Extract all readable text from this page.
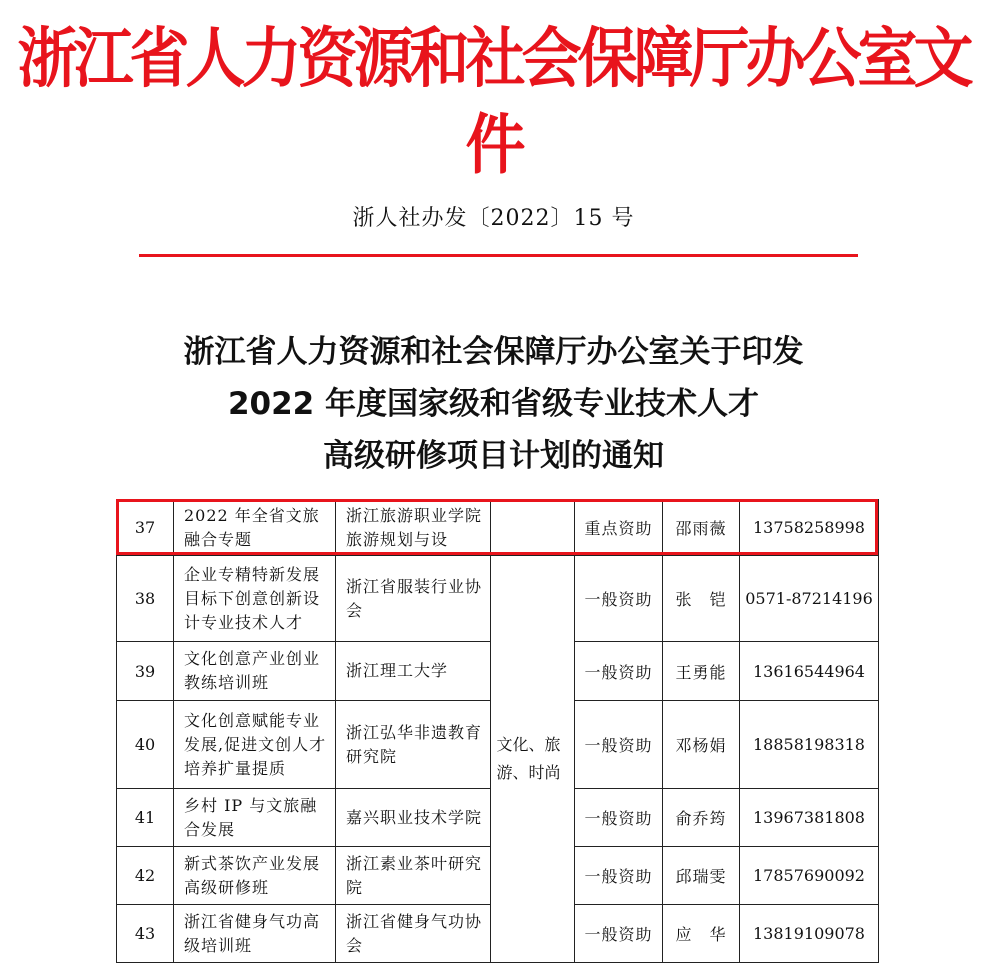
浙江省人力资源和社会保障厅办公室文件
浙人社办发〔2022〕15 号
浙江省人力资源和社会保障厅办公室关于印发
2022 年度国家级和省级专业技术人才
高级研修项目计划的通知
37	2022 年全省文旅融合专题	浙江旅游职业学院旅游规划与设		重点资助	邵雨薇	13758258998
38	企业专精特新发展目标下创意创新设计专业技术人才	浙江省服装行业协会	文化、旅游、时尚	一般资助	张　铠	0571-87214196
39	文化创意产业创业教练培训班	浙江理工大学		一般资助	王勇能	13616544964
40	文化创意赋能专业发展,促进文创人才培养扩量提质	浙江弘华非遗教育研究院		一般资助	邓杨娟	18858198318
41	乡村 IP 与文旅融合发展	嘉兴职业技术学院		一般资助	俞乔筠	13967381808
42	新式茶饮产业发展高级研修班	浙江素业茶叶研究院		一般资助	邱瑞雯	17857690092
43	浙江省健身气功高级培训班	浙江省健身气功协会		一般资助	应　华	13819109078
